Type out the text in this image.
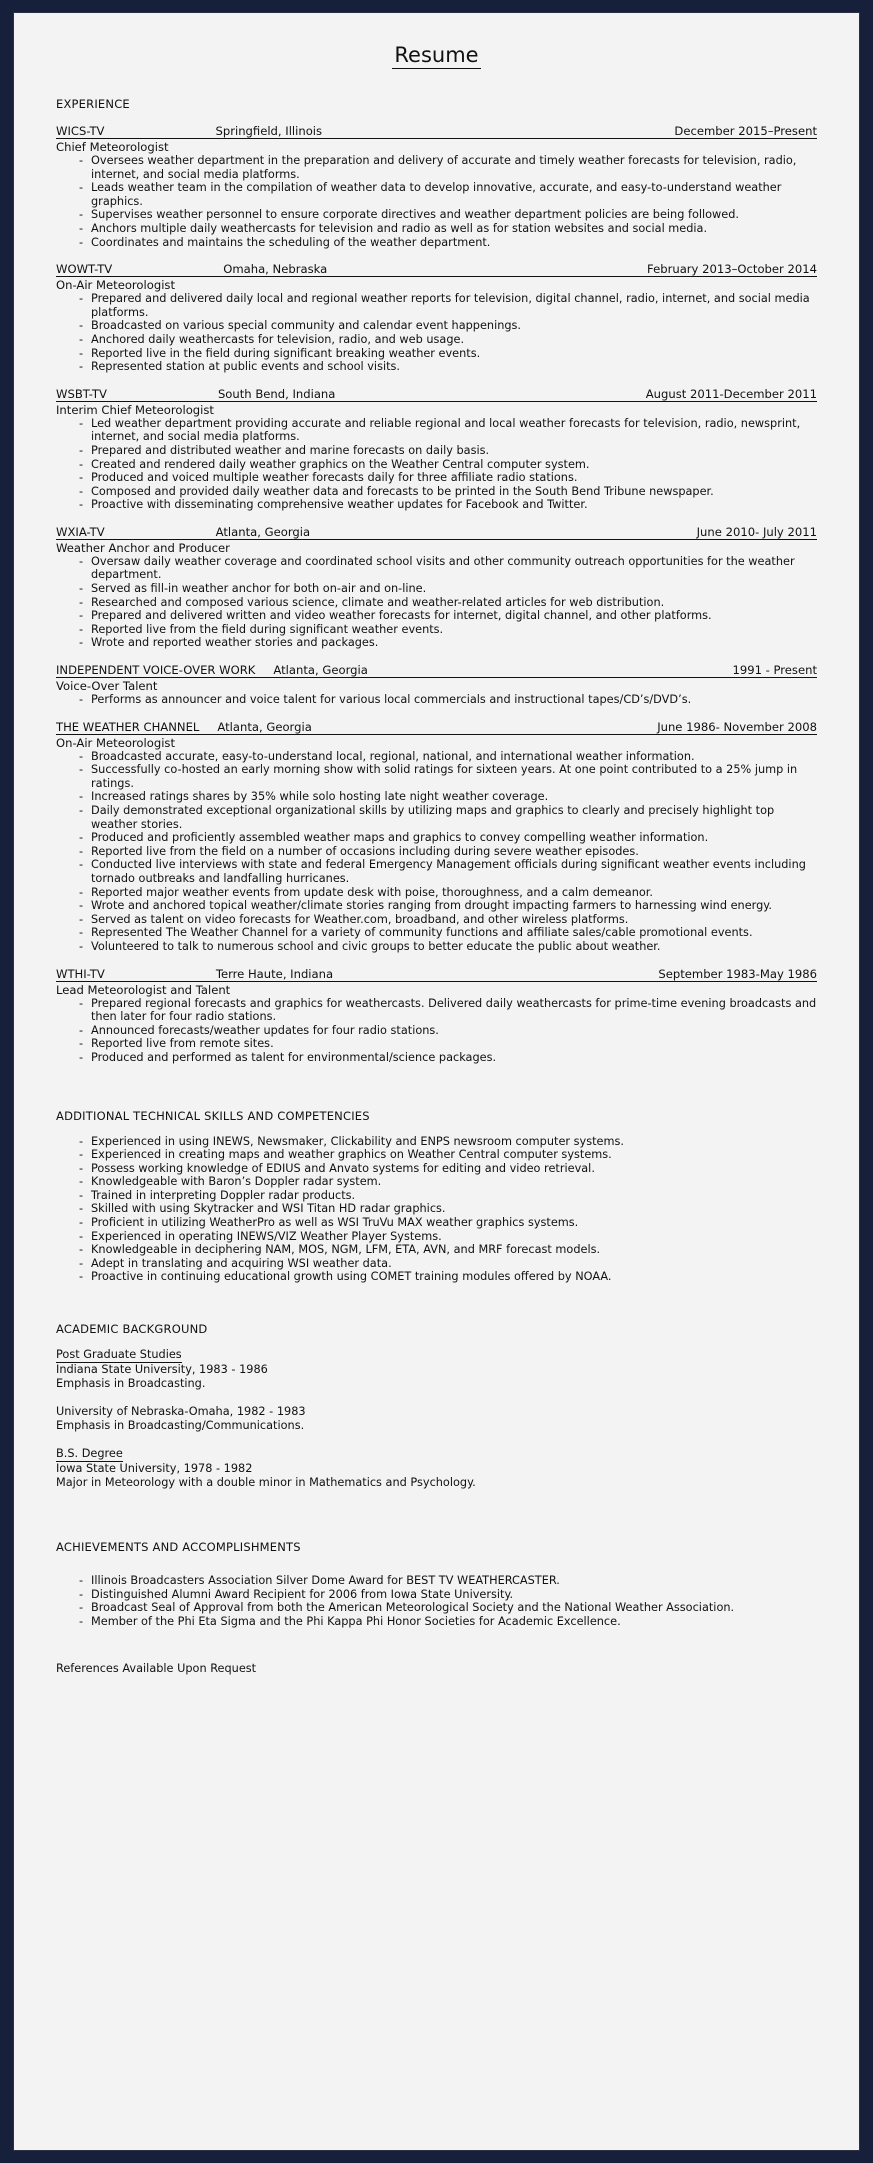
Resume
EXPERIENCE
WICS-TV	Springfield, Illinois	December 2015–Present
Chief Meteorologist
- Oversees weather department in the preparation and delivery of accurate and timely weather forecasts for television, radio, internet, and social media platforms.
- Leads weather team in the compilation of weather data to develop innovative, accurate, and easy-to-understand weather graphics.
- Supervises weather personnel to ensure corporate directives and weather department policies are being followed.
- Anchors multiple daily weathercasts for television and radio as well as for station websites and social media.
- Coordinates and maintains the scheduling of the weather department.
WOWT-TV	Omaha, Nebraska	February 2013–October 2014
On-Air Meteorologist
- Prepared and delivered daily local and regional weather reports for television, digital channel, radio, internet, and social media platforms.
- Broadcasted on various special community and calendar event happenings.
- Anchored daily weathercasts for television, radio, and web usage.
- Reported live in the field during significant breaking weather events.
- Represented station at public events and school visits.
WSBT-TV	South Bend, Indiana	August 2011-December 2011
Interim Chief Meteorologist
- Led weather department providing accurate and reliable regional and local weather forecasts for television, radio, newsprint, internet, and social media platforms.
- Prepared and distributed weather and marine forecasts on daily basis.
- Created and rendered daily weather graphics on the Weather Central computer system.
- Produced and voiced multiple weather forecasts daily for three affiliate radio stations.
- Composed and provided daily weather data and forecasts to be printed in the South Bend Tribune newspaper.
- Proactive with disseminating comprehensive weather updates for Facebook and Twitter.
WXIA-TV	Atlanta, Georgia	June 2010- July 2011
Weather Anchor and Producer
- Oversaw daily weather coverage and coordinated school visits and other community outreach opportunities for the weather department.
- Served as fill-in weather anchor for both on-air and on-line.
- Researched and composed various science, climate and weather-related articles for web distribution.
- Prepared and delivered written and video weather forecasts for internet, digital channel, and other platforms.
- Reported live from the field during significant weather events.
- Wrote and reported weather stories and packages.
INDEPENDENT VOICE-OVER WORK	Atlanta, Georgia	1991 - Present
Voice-Over Talent
- Performs as announcer and voice talent for various local commercials and instructional tapes/CD’s/DVD’s.
THE WEATHER CHANNEL	Atlanta, Georgia	June 1986- November 2008
On-Air Meteorologist
- Broadcasted accurate, easy-to-understand local, regional, national, and international weather information.
- Successfully co-hosted an early morning show with solid ratings for sixteen years. At one point contributed to a 25% jump in ratings.
- Increased ratings shares by 35% while solo hosting late night weather coverage.
- Daily demonstrated exceptional organizational skills by utilizing maps and graphics to clearly and precisely highlight top weather stories.
- Produced and proficiently assembled weather maps and graphics to convey compelling weather information.
- Reported live from the field on a number of occasions including during severe weather episodes.
- Conducted live interviews with state and federal Emergency Management officials during significant weather events including tornado outbreaks and landfalling hurricanes.
- Reported major weather events from update desk with poise, thoroughness, and a calm demeanor.
- Wrote and anchored topical weather/climate stories ranging from drought impacting farmers to harnessing wind energy.
- Served as talent on video forecasts for Weather.com, broadband, and other wireless platforms.
- Represented The Weather Channel for a variety of community functions and affiliate sales/cable promotional events.
- Volunteered to talk to numerous school and civic groups to better educate the public about weather.
WTHI-TV	Terre Haute, Indiana	September 1983-May 1986
Lead Meteorologist and Talent
- Prepared regional forecasts and graphics for weathercasts. Delivered daily weathercasts for prime-time evening broadcasts and then later for four radio stations.
- Announced forecasts/weather updates for four radio stations.
- Reported live from remote sites.
- Produced and performed as talent for environmental/science packages.
ADDITIONAL TECHNICAL SKILLS AND COMPETENCIES
- Experienced in using INEWS, Newsmaker, Clickability and ENPS newsroom computer systems.
- Experienced in creating maps and weather graphics on Weather Central computer systems.
- Possess working knowledge of EDIUS and Anvato systems for editing and video retrieval.
- Knowledgeable with Baron’s Doppler radar system.
- Trained in interpreting Doppler radar products.
- Skilled with using Skytracker and WSI Titan HD radar graphics.
- Proficient in utilizing WeatherPro as well as WSI TruVu MAX weather graphics systems.
- Experienced in operating INEWS/VIZ Weather Player Systems.
- Knowledgeable in deciphering NAM, MOS, NGM, LFM, ETA, AVN, and MRF forecast models.
- Adept in translating and acquiring WSI weather data.
- Proactive in continuing educational growth using COMET training modules offered by NOAA.
ACADEMIC BACKGROUND
Post Graduate Studies
Indiana State University, 1983 - 1986
Emphasis in Broadcasting.
University of Nebraska-Omaha, 1982 - 1983
Emphasis in Broadcasting/Communications.
B.S. Degree
Iowa State University, 1978 - 1982
Major in Meteorology with a double minor in Mathematics and Psychology.
ACHIEVEMENTS AND ACCOMPLISHMENTS
- Illinois Broadcasters Association Silver Dome Award for BEST TV WEATHERCASTER.
- Distinguished Alumni Award Recipient for 2006 from Iowa State University.
- Broadcast Seal of Approval from both the American Meteorological Society and the National Weather Association.
- Member of the Phi Eta Sigma and the Phi Kappa Phi Honor Societies for Academic Excellence.
References Available Upon Request
